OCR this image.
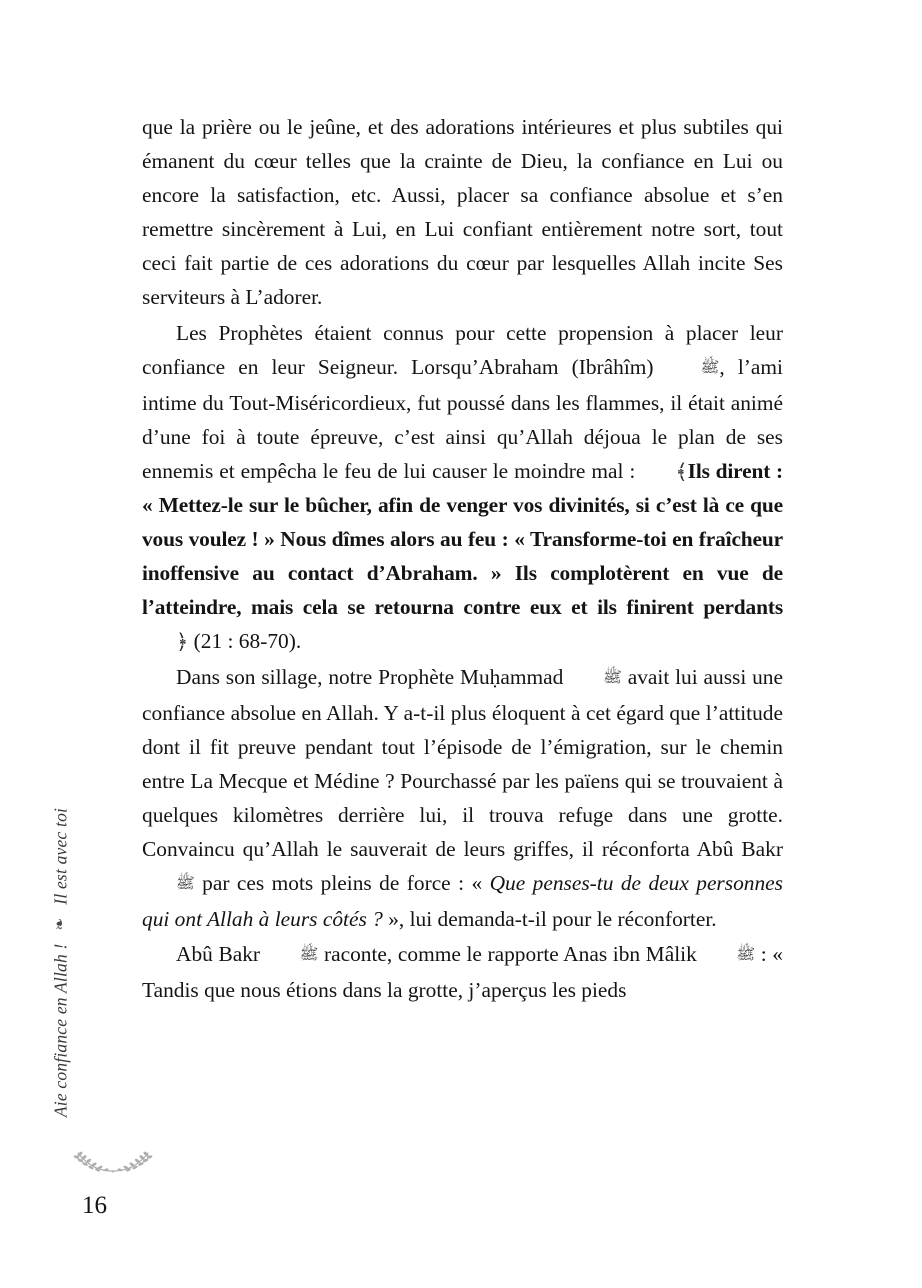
Aie confiance en Allah !
❧
Il est avec toi

que la prière ou le jeûne, et des adorations intérieures et plus subtiles qui émanent du cœur telles que la crainte de Dieu, la confiance en Lui ou encore la satisfaction, etc. Aussi, placer sa confiance absolue et s’en remettre sincèrement à Lui, en Lui confiant entièrement notre sort, tout ceci fait partie de ces adorations du cœur par lesquelles Allah incite Ses serviteurs à L’adorer.

Les Prophètes étaient connus pour cette propension à placer leur confiance en leur Seigneur. Lorsqu’Abraham (Ibrâhîm) ﷺ, l’ami intime du Tout-Miséricordieux, fut poussé dans les flammes, il était animé d’une foi à toute épreuve, c’est ainsi qu’Allah déjoua le plan de ses ennemis et empêcha le feu de lui causer le moindre mal : ﴾Ils dirent : « Mettez-le sur le bûcher, afin de venger vos divinités, si c’est là ce que vous voulez ! » Nous dîmes alors au feu : « Transforme-toi en fraîcheur inoffensive au contact d’Abraham. » Ils complotèrent en vue de l’atteindre, mais cela se retourna contre eux et ils finirent perdants﴿ (21 : 68-70).

Dans son sillage, notre Prophète Muḥammad ﷺ avait lui aussi une confiance absolue en Allah. Y a-t-il plus éloquent à cet égard que l’attitude dont il fit preuve pendant tout l’épisode de l’émigration, sur le chemin entre La Mecque et Médine ? Pourchassé par les païens qui se trouvaient à quelques kilomètres derrière lui, il trouva refuge dans une grotte. Convaincu qu’Allah le sauverait de leurs griffes, il réconforta Abû Bakr ﷺ par ces mots pleins de force : « Que penses-tu de deux personnes qui ont Allah à leurs côtés ? », lui demanda-t-il pour le réconforter.

Abû Bakr ﷺ raconte, comme le rapporte Anas ibn Mâlik ﷺ : « Tandis que nous étions dans la grotte, j’aperçus les pieds

16
